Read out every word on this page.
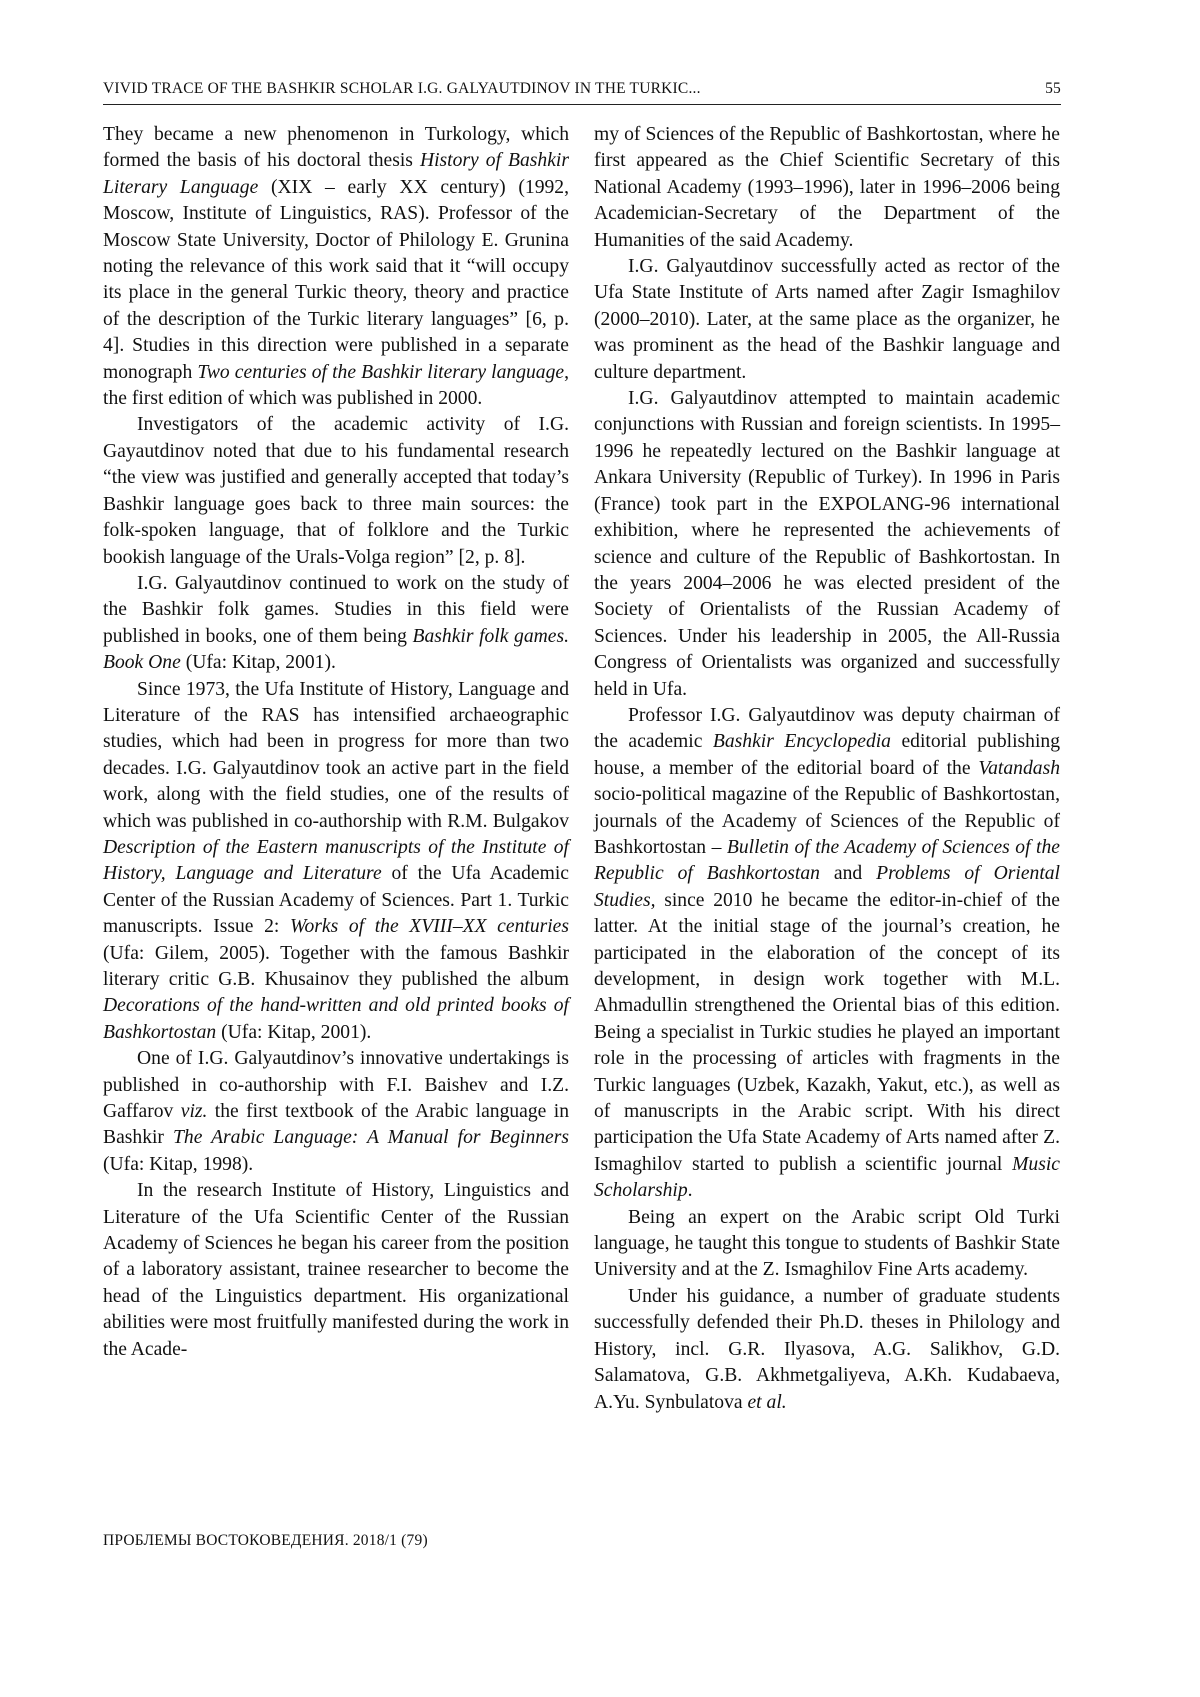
VIVID TRACE OF THE BASHKIR SCHOLAR I.G. GALYAUTDINOV IN THE TURKIC...	55

They became a new phenomenon in Turkology, which formed the basis of his doctoral thesis History of Bashkir Literary Language (XIX – early XX century) (1992, Moscow, Institute of Linguistics, RAS). Professor of the Moscow State University, Doctor of Philology E. Grunina noting the relevance of this work said that it “will occupy its place in the general Turkic theory, theory and practice of the description of the Turkic literary languages” [6, p. 4]. Studies in this direction were published in a separate monograph Two centuries of the Bashkir literary language, the first edition of which was published in 2000.

Investigators of the academic activity of I.G. Gayautdinov noted that due to his fundamental research “the view was justified and generally accepted that today’s Bashkir language goes back to three main sources: the folk-spoken language, that of folklore and the Turkic bookish language of the Urals-Volga region” [2, p. 8].

I.G. Galyautdinov continued to work on the study of the Bashkir folk games. Studies in this field were published in books, one of them being Bashkir folk games. Book One (Ufa: Kitap, 2001).

Since 1973, the Ufa Institute of History, Language and Literature of the RAS has intensified archaeographic studies, which had been in progress for more than two decades. I.G. Galyautdinov took an active part in the field work, along with the field studies, one of the results of which was published in co-authorship with R.M. Bulgakov Description of the Eastern manuscripts of the Institute of History, Language and Literature of the Ufa Academic Center of the Russian Academy of Sciences. Part 1. Turkic manuscripts. Issue 2: Works of the XVIII–XX centuries (Ufa: Gilem, 2005). Together with the famous Bashkir literary critic G.B. Khusainov they published the album Decorations of the hand-written and old printed books of Bashkortostan (Ufa: Kitap, 2001).

One of I.G. Galyautdinov’s innovative undertakings is published in co-authorship with F.I. Baishev and I.Z. Gaffarov viz. the first textbook of the Arabic language in Bashkir The Arabic Language: A Manual for Beginners (Ufa: Kitap, 1998).

In the research Institute of History, Linguistics and Literature of the Ufa Scientific Center of the Russian Academy of Sciences he began his career from the position of a laboratory assistant, trainee researcher to become the head of the Linguistics department. His organizational abilities were most fruitfully manifested during the work in the Acade-

my of Sciences of the Republic of Bashkortostan, where he first appeared as the Chief Scientific Secretary of this National Academy (1993–1996), later in 1996–2006 being Academician-Secretary of the Department of the Humanities of the said Academy.

I.G. Galyautdinov successfully acted as rector of the Ufa State Institute of Arts named after Zagir Ismaghilov (2000–2010). Later, at the same place as the organizer, he was prominent as the head of the Bashkir language and culture department.

I.G. Galyautdinov attempted to maintain academic conjunctions with Russian and foreign scientists. In 1995–1996 he repeatedly lectured on the Bashkir language at Ankara University (Republic of Turkey). In 1996 in Paris (France) took part in the EXPOLANG-96 international exhibition, where he represented the achievements of science and culture of the Republic of Bashkortostan. In the years 2004–2006 he was elected president of the Society of Orientalists of the Russian Academy of Sciences. Under his leadership in 2005, the All-Russia Congress of Orientalists was organized and successfully held in Ufa.

Professor I.G. Galyautdinov was deputy chairman of the academic Bashkir Encyclopedia editorial publishing house, a member of the editorial board of the Vatandash socio-political magazine of the Republic of Bashkortostan, journals of the Academy of Sciences of the Republic of Bashkortostan – Bulletin of the Academy of Sciences of the Republic of Bashkortostan and Problems of Oriental Studies, since 2010 he became the editor-in-chief of the latter. At the initial stage of the journal’s creation, he participated in the elaboration of the concept of its development, in design work together with M.L. Ahmadullin strengthened the Oriental bias of this edition. Being a specialist in Turkic studies he played an important role in the processing of articles with fragments in the Turkic languages (Uzbek, Kazakh, Yakut, etc.), as well as of manuscripts in the Arabic script. With his direct participation the Ufa State Academy of Arts named after Z. Ismaghilov started to publish a scientific journal Music Scholarship.

Being an expert on the Arabic script Old Turki language, he taught this tongue to students of Bashkir State University and at the Z. Ismaghilov Fine Arts academy.

Under his guidance, a number of graduate students successfully defended their Ph.D. theses in Philology and History, incl. G.R. Ilyasova, A.G. Salikhov, G.D. Salamatova, G.B. Akhmetgaliyeva, A.Kh. Kudabaeva, A.Yu. Synbulatova et al.

ПРОБЛЕМЫ ВОСТОКОВЕДЕНИЯ. 2018/1 (79)
